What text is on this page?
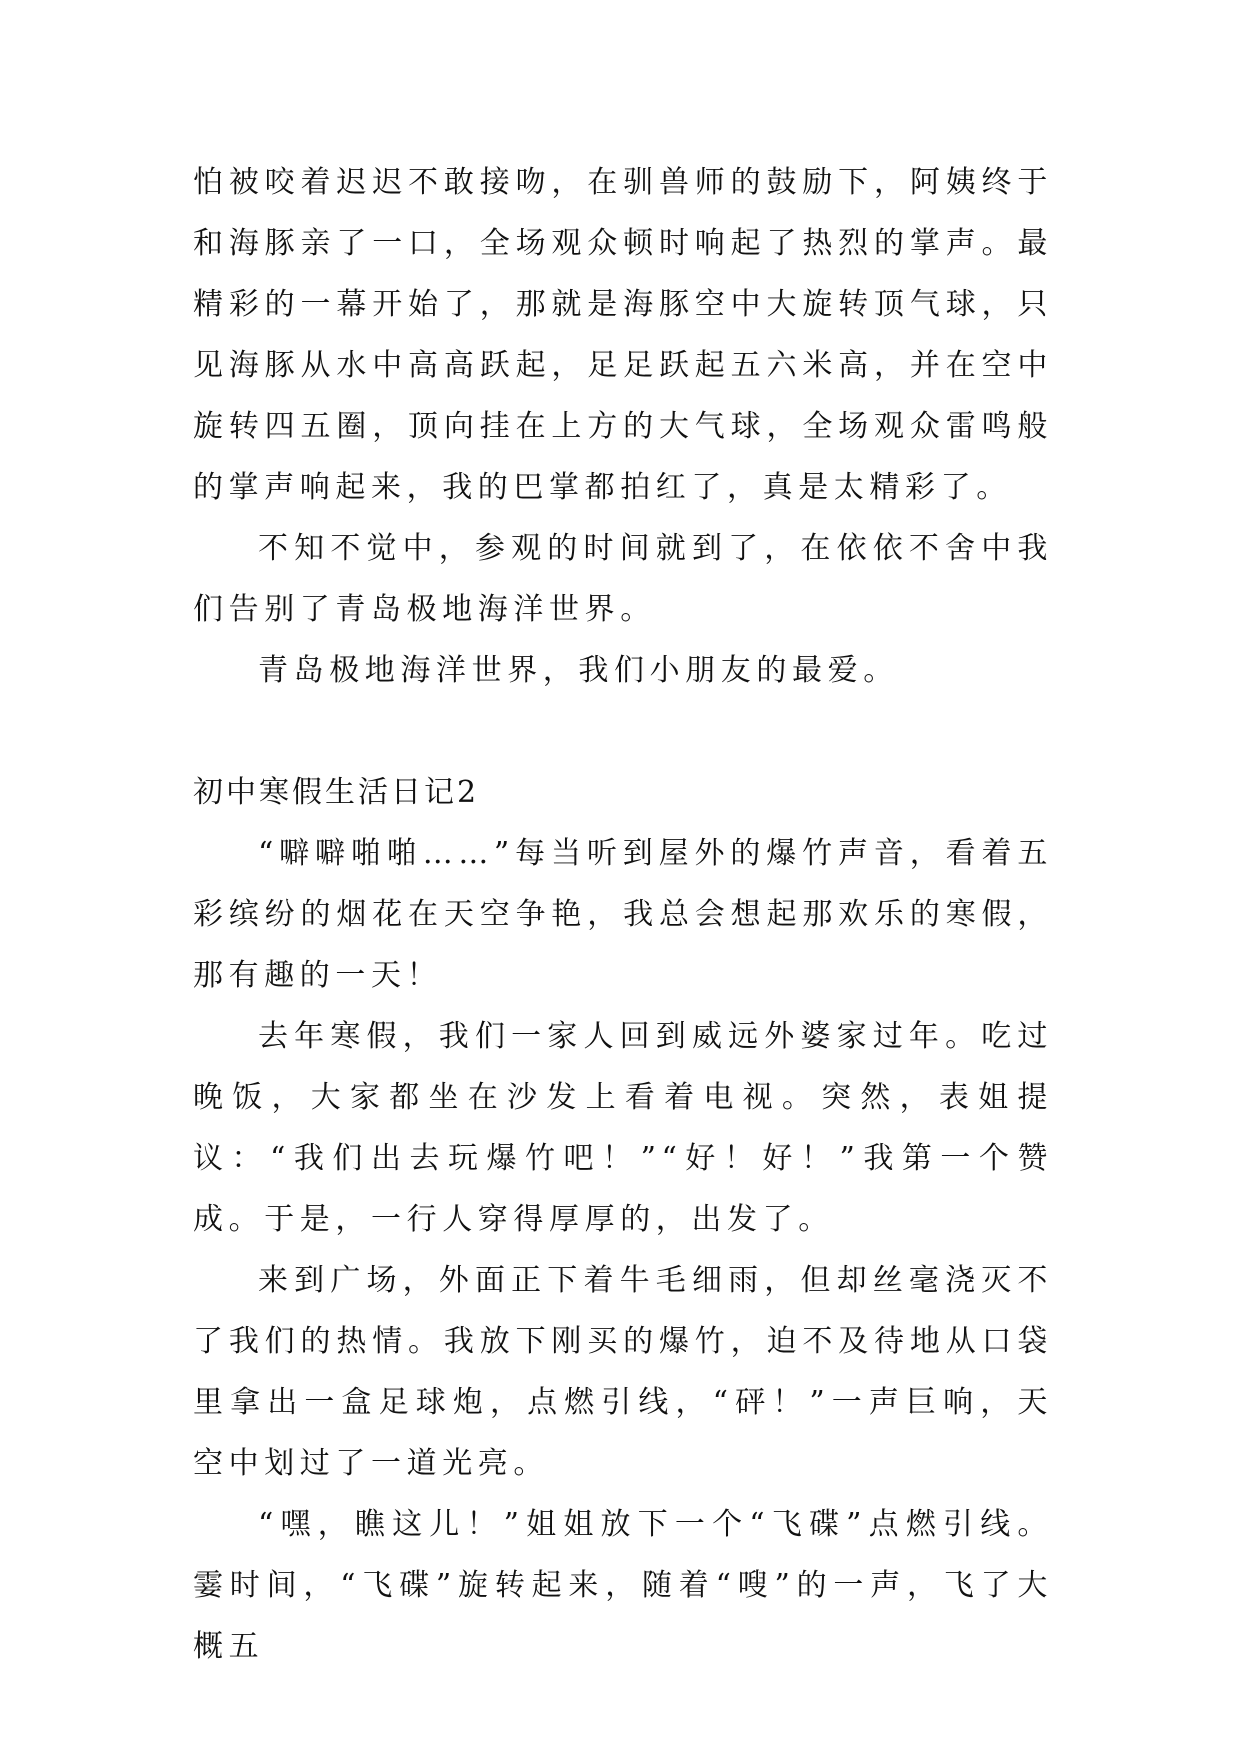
怕被咬着迟迟不敢接吻，在驯兽师的鼓励下，阿姨终于和海豚亲了一口，全场观众顿时响起了热烈的掌声。最精彩的一幕开始了，那就是海豚空中大旋转顶气球，只见海豚从水中高高跃起，足足跃起五六米高，并在空中旋转四五圈，顶向挂在上方的大气球，全场观众雷鸣般的掌声响起来，我的巴掌都拍红了，真是太精彩了。

不知不觉中，参观的时间就到了，在依依不舍中我们告别了青岛极地海洋世界。

青岛极地海洋世界，我们小朋友的最爱。

初中寒假生活日记2

“噼噼啪啪……”每当听到屋外的爆竹声音，看着五彩缤纷的烟花在天空争艳，我总会想起那欢乐的寒假，那有趣的一天！

去年寒假，我们一家人回到威远外婆家过年。吃过晚饭，大家都坐在沙发上看着电视。突然，表姐提议：“我们出去玩爆竹吧！”“好！好！”我第一个赞成。于是，一行人穿得厚厚的，出发了。

来到广场，外面正下着牛毛细雨，但却丝毫浇灭不了我们的热情。我放下刚买的爆竹，迫不及待地从口袋里拿出一盒足球炮，点燃引线，“砰！”一声巨响，天空中划过了一道光亮。

“嘿，瞧这儿！”姐姐放下一个“飞碟”点燃引线。霎时间，“飞碟”旋转起来，随着“嗖”的一声，飞了大概五
